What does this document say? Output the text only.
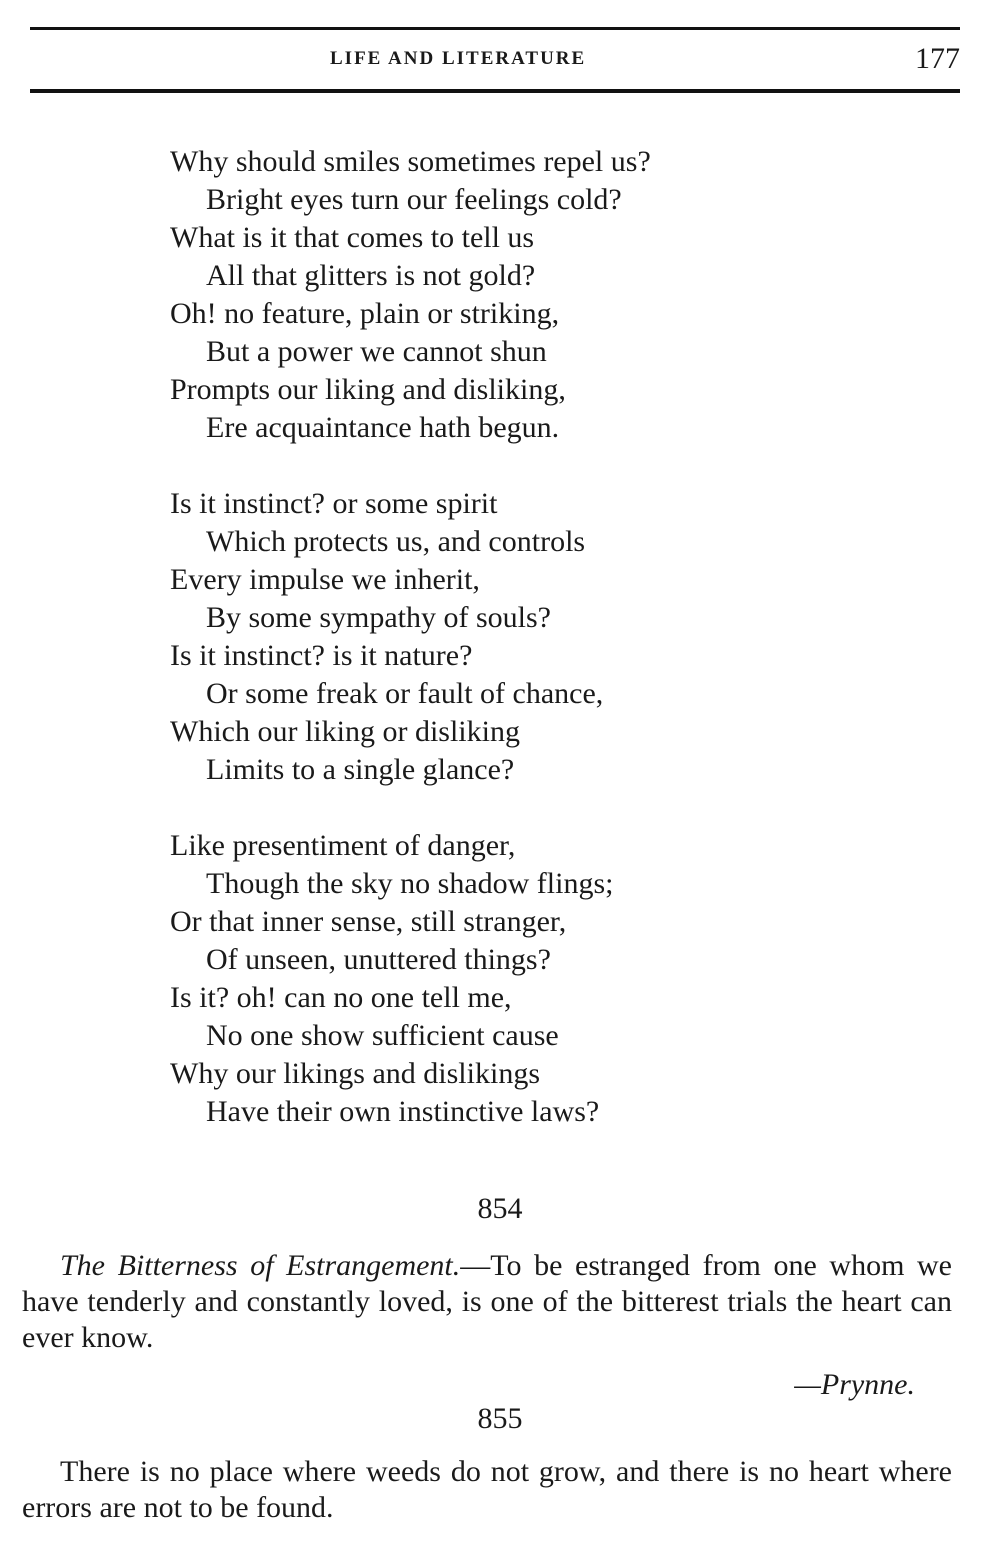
LIFE AND LITERATURE	177
Why should smiles sometimes repel us?
Bright eyes turn our feelings cold?
What is it that comes to tell us
All that glitters is not gold?
Oh! no feature, plain or striking,
But a power we cannot shun
Prompts our liking and disliking,
Ere acquaintance hath begun.
Is it instinct? or some spirit
Which protects us, and controls
Every impulse we inherit,
By some sympathy of souls?
Is it instinct? is it nature?
Or some freak or fault of chance,
Which our liking or disliking
Limits to a single glance?
Like presentiment of danger,
Though the sky no shadow flings;
Or that inner sense, still stranger,
Of unseen, unuttered things?
Is it? oh! can no one tell me,
No one show sufficient cause
Why our likings and dislikings
Have their own instinctive laws?
854
The Bitterness of Estrangement.—To be estranged from one whom we have tenderly and constantly loved, is one of the bitterest trials the heart can ever know.
—Prynne.
855
There is no place where weeds do not grow, and there is no heart where errors are not to be found.
